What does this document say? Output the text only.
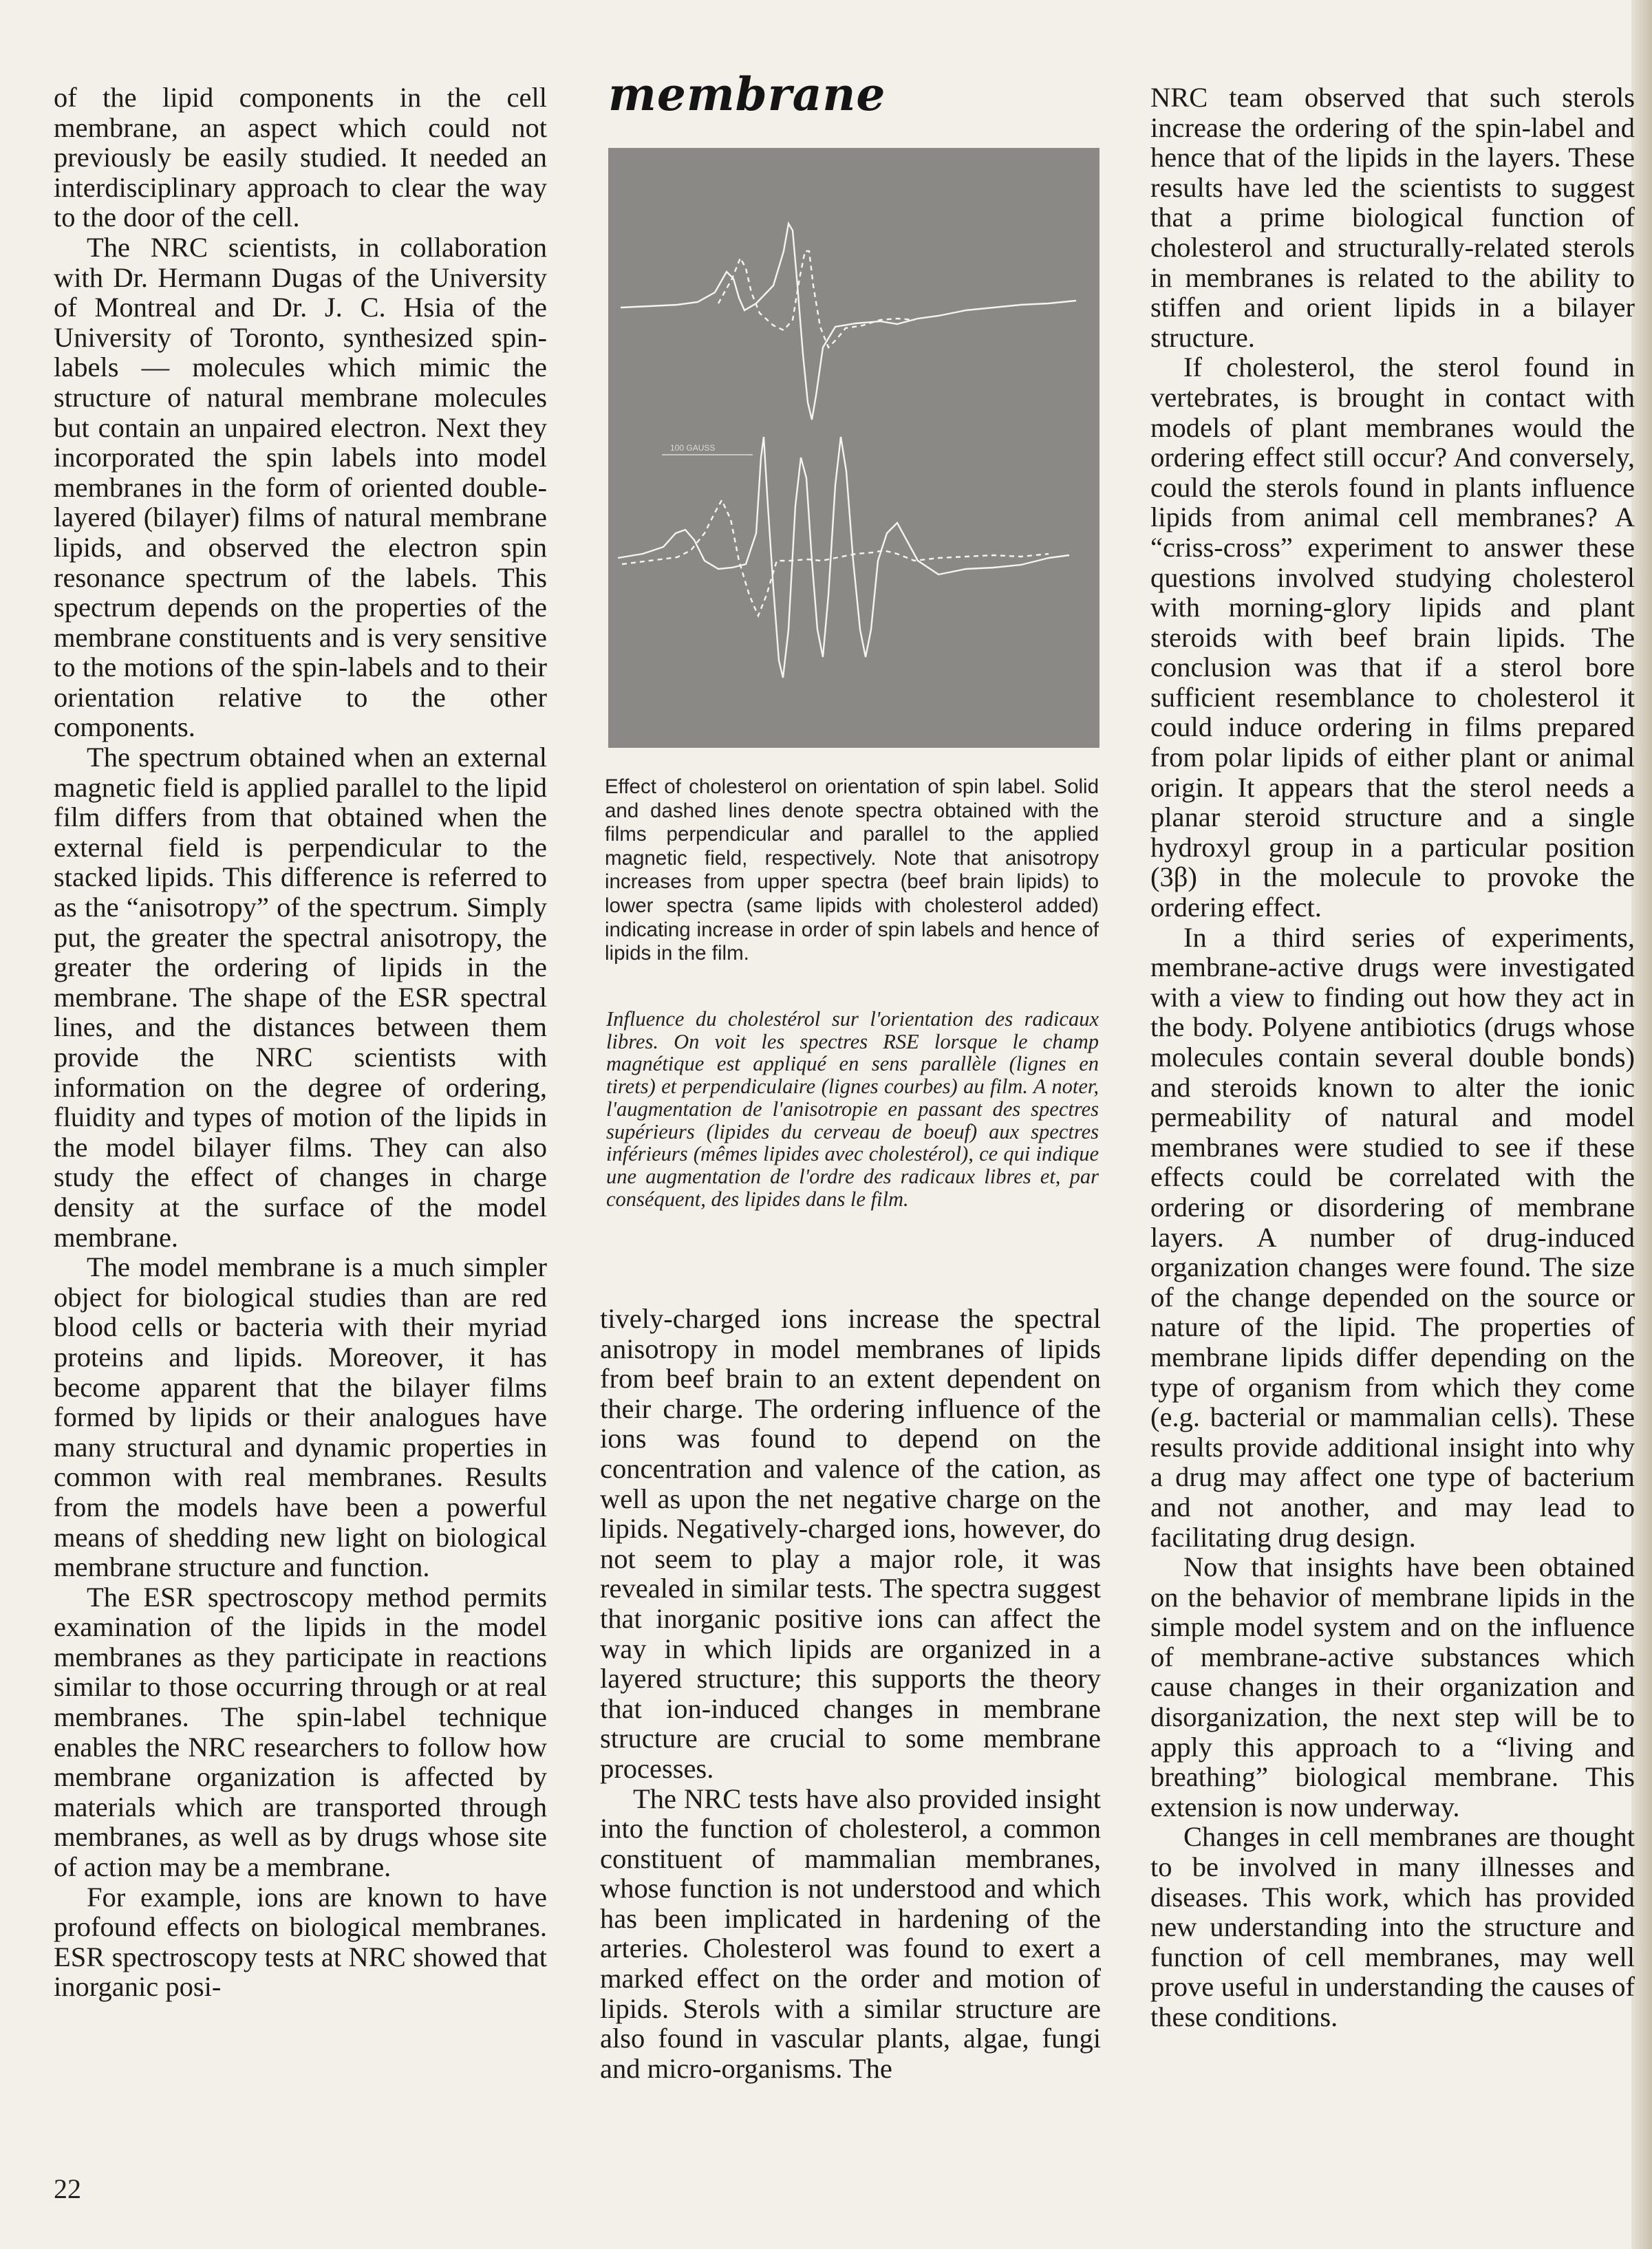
of the lipid components in the cell membrane, an aspect which could not previously be easily studied. It needed an interdisciplinary approach to clear the way to the door of the cell.

The NRC scientists, in collaboration with Dr. Hermann Dugas of the University of Montreal and Dr. J. C. Hsia of the University of Toronto, synthesized spin-labels — molecules which mimic the structure of natural membrane molecules but contain an unpaired electron. Next they incorporated the spin labels into model membranes in the form of oriented double-layered (bilayer) films of natural membrane lipids, and observed the electron spin resonance spectrum of the labels. This spectrum depends on the properties of the membrane constituents and is very sensitive to the motions of the spin-labels and to their orientation relative to the other components.

The spectrum obtained when an external magnetic field is applied parallel to the lipid film differs from that obtained when the external field is perpendicular to the stacked lipids. This difference is referred to as the “anisotropy” of the spectrum. Simply put, the greater the spectral anisotropy, the greater the ordering of lipids in the membrane. The shape of the ESR spectral lines, and the distances between them provide the NRC scientists with information on the degree of ordering, fluidity and types of motion of the lipids in the model bilayer films. They can also study the effect of changes in charge density at the surface of the model membrane.

The model membrane is a much simpler object for biological studies than are red blood cells or bacteria with their myriad proteins and lipids. Moreover, it has become apparent that the bilayer films formed by lipids or their analogues have many structural and dynamic properties in common with real membranes. Results from the models have been a powerful means of shedding new light on biological membrane structure and function.

The ESR spectroscopy method permits examination of the lipids in the model membranes as they participate in reactions similar to those occurring through or at real membranes. The spin-label technique enables the NRC researchers to follow how membrane organization is affected by materials which are transported through membranes, as well as by drugs whose site of action may be a membrane.

For example, ions are known to have profound effects on biological membranes. ESR spectroscopy tests at NRC showed that inorganic posi-

membrane
100 GAUSS
Effect of cholesterol on orientation of spin label. Solid and dashed lines denote spectra obtained with the films perpendicular and parallel to the applied magnetic field, respectively. Note that anisotropy increases from upper spectra (beef brain lipids) to lower spectra (same lipids with cholesterol added) indicating increase in order of spin labels and hence of lipids in the film.
Influence du cholestérol sur l'orientation des radicaux libres. On voit les spectres RSE lorsque le champ magnétique est appliqué en sens parallèle (lignes en tirets) et perpendiculaire (lignes courbes) au film. A noter, l'augmentation de l'anisotropie en passant des spectres supérieurs (lipides du cerveau de boeuf) aux spectres inférieurs (mêmes lipides avec cholestérol), ce qui indique une augmentation de l'ordre des radicaux libres et, par conséquent, des lipides dans le film.

tively-charged ions increase the spectral anisotropy in model membranes of lipids from beef brain to an extent dependent on their charge. The ordering influence of the ions was found to depend on the concentration and valence of the cation, as well as upon the net negative charge on the lipids. Negatively-charged ions, however, do not seem to play a major role, it was revealed in similar tests. The spectra suggest that inorganic positive ions can affect the way in which lipids are organized in a layered structure; this supports the theory that ion-induced changes in membrane structure are crucial to some membrane processes.

The NRC tests have also provided insight into the function of cholesterol, a common constituent of mammalian membranes, whose function is not understood and which has been implicated in hardening of the arteries. Cholesterol was found to exert a marked effect on the order and motion of lipids. Sterols with a similar structure are also found in vascular plants, algae, fungi and micro-organisms. The

NRC team observed that such sterols increase the ordering of the spin-label and hence that of the lipids in the layers. These results have led the scientists to suggest that a prime biological function of cholesterol and structurally-related sterols in membranes is related to the ability to stiffen and orient lipids in a bilayer structure.

If cholesterol, the sterol found in vertebrates, is brought in contact with models of plant membranes would the ordering effect still occur? And conversely, could the sterols found in plants influence lipids from animal cell membranes? A “criss-cross” experiment to answer these questions involved studying cholesterol with morning-glory lipids and plant steroids with beef brain lipids. The conclusion was that if a sterol bore sufficient resemblance to cholesterol it could induce ordering in films prepared from polar lipids of either plant or animal origin. It appears that the sterol needs a planar steroid structure and a single hydroxyl group in a particular position (3β) in the molecule to provoke the ordering effect.

In a third series of experiments, membrane-active drugs were investigated with a view to finding out how they act in the body. Polyene antibiotics (drugs whose molecules contain several double bonds) and steroids known to alter the ionic permeability of natural and model membranes were studied to see if these effects could be correlated with the ordering or disordering of membrane layers. A number of drug-induced organization changes were found. The size of the change depended on the source or nature of the lipid. The properties of membrane lipids differ depending on the type of organism from which they come (e.g. bacterial or mammalian cells). These results provide additional insight into why a drug may affect one type of bacterium and not another, and may lead to facilitating drug design.

Now that insights have been obtained on the behavior of membrane lipids in the simple model system and on the influence of membrane-active substances which cause changes in their organization and disorganization, the next step will be to apply this approach to a “living and breathing” biological membrane. This extension is now underway.

Changes in cell membranes are thought to be involved in many illnesses and diseases. This work, which has provided new understanding into the structure and function of cell membranes, may well prove useful in understanding the causes of these conditions.

22
